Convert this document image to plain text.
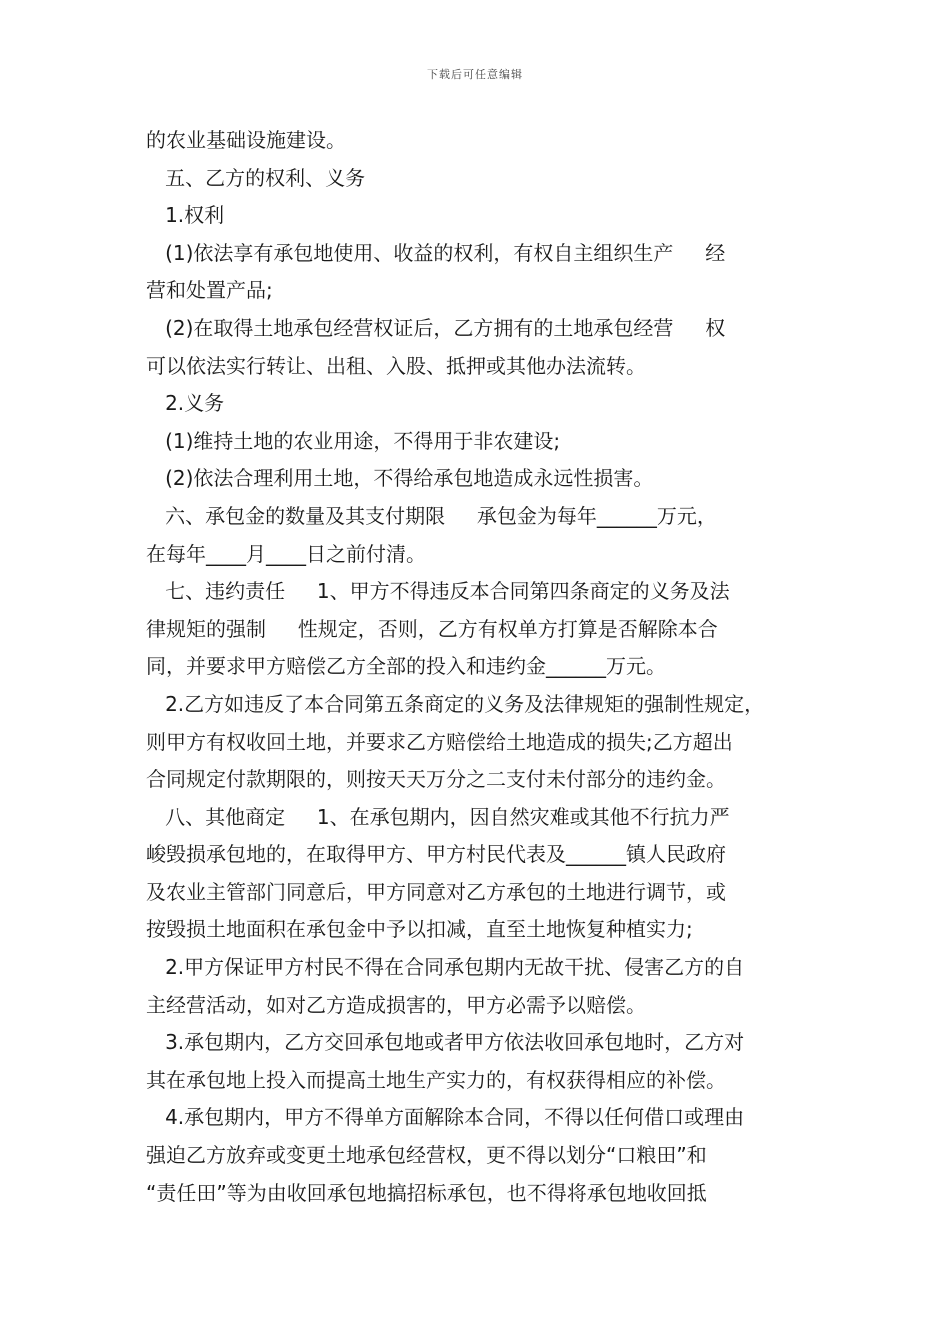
下载后可任意编辑
的农业基础设施建设。
五、乙方的权利、义务
1.权利
(1)依法享有承包地使用、收益的权利，有权自主组织生产     经
营和处置产品;
(2)在取得土地承包经营权证后，乙方拥有的土地承包经营     权
可以依法实行转让、出租、入股、抵押或其他办法流转。
2.义务
(1)维持土地的农业用途，不得用于非农建设;
(2)依法合理利用土地，不得给承包地造成永远性损害。
六、承包金的数量及其支付期限     承包金为每年______万元，
在每年____月____日之前付清。
七、违约责任     1、甲方不得违反本合同第四条商定的义务及法
律规矩的强制     性规定，否则，乙方有权单方打算是否解除本合
同，并要求甲方赔偿乙方全部的投入和违约金______万元。
2.乙方如违反了本合同第五条商定的义务及法律规矩的强制性规定，
则甲方有权收回土地，并要求乙方赔偿给土地造成的损失;乙方超出
合同规定付款期限的，则按天天万分之二支付未付部分的违约金。
八、其他商定     1、在承包期内，因自然灾难或其他不行抗力严
峻毁损承包地的，在取得甲方、甲方村民代表及______镇人民政府
及农业主管部门同意后，甲方同意对乙方承包的土地进行调节，或
按毁损土地面积在承包金中予以扣减，直至土地恢复种植实力;
2.甲方保证甲方村民不得在合同承包期内无故干扰、侵害乙方的自
主经营活动，如对乙方造成损害的，甲方必需予以赔偿。
3.承包期内，乙方交回承包地或者甲方依法收回承包地时，乙方对
其在承包地上投入而提高土地生产实力的，有权获得相应的补偿。
4.承包期内，甲方不得单方面解除本合同，不得以任何借口或理由
强迫乙方放弃或变更土地承包经营权，更不得以划分“口粮田”和
“责任田”等为由收回承包地搞招标承包，也不得将承包地收回抵
